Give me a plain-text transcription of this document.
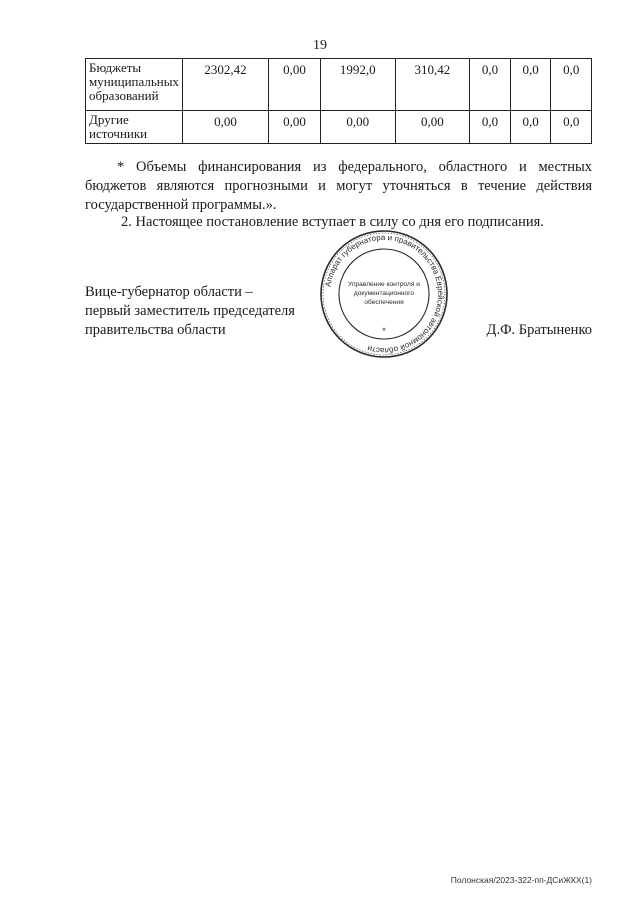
19
Бюджеты муниципальных образований	2302,42	0,00	1992,0	310,42	0,0	0,0	0,0
Другие источники	0,00	0,00	0,00	0,00	0,0	0,0	0,0
* Объемы финансирования из федерального, областного и местных бюджетов являются прогнозными и могут уточняться в течение действия государственной программы.».
2. Настоящее постановление вступает в силу со дня его подписания.
Вице-губернатор области –
первый заместитель председателя
правительства области
Аппарат губернатора и правительства Еврейской автономной области
Управление контроля и
документационного
обеспечения
*	Д.Ф. Братыненко
Полонская/2023-322-пп-ДСиЖКХ(1)
